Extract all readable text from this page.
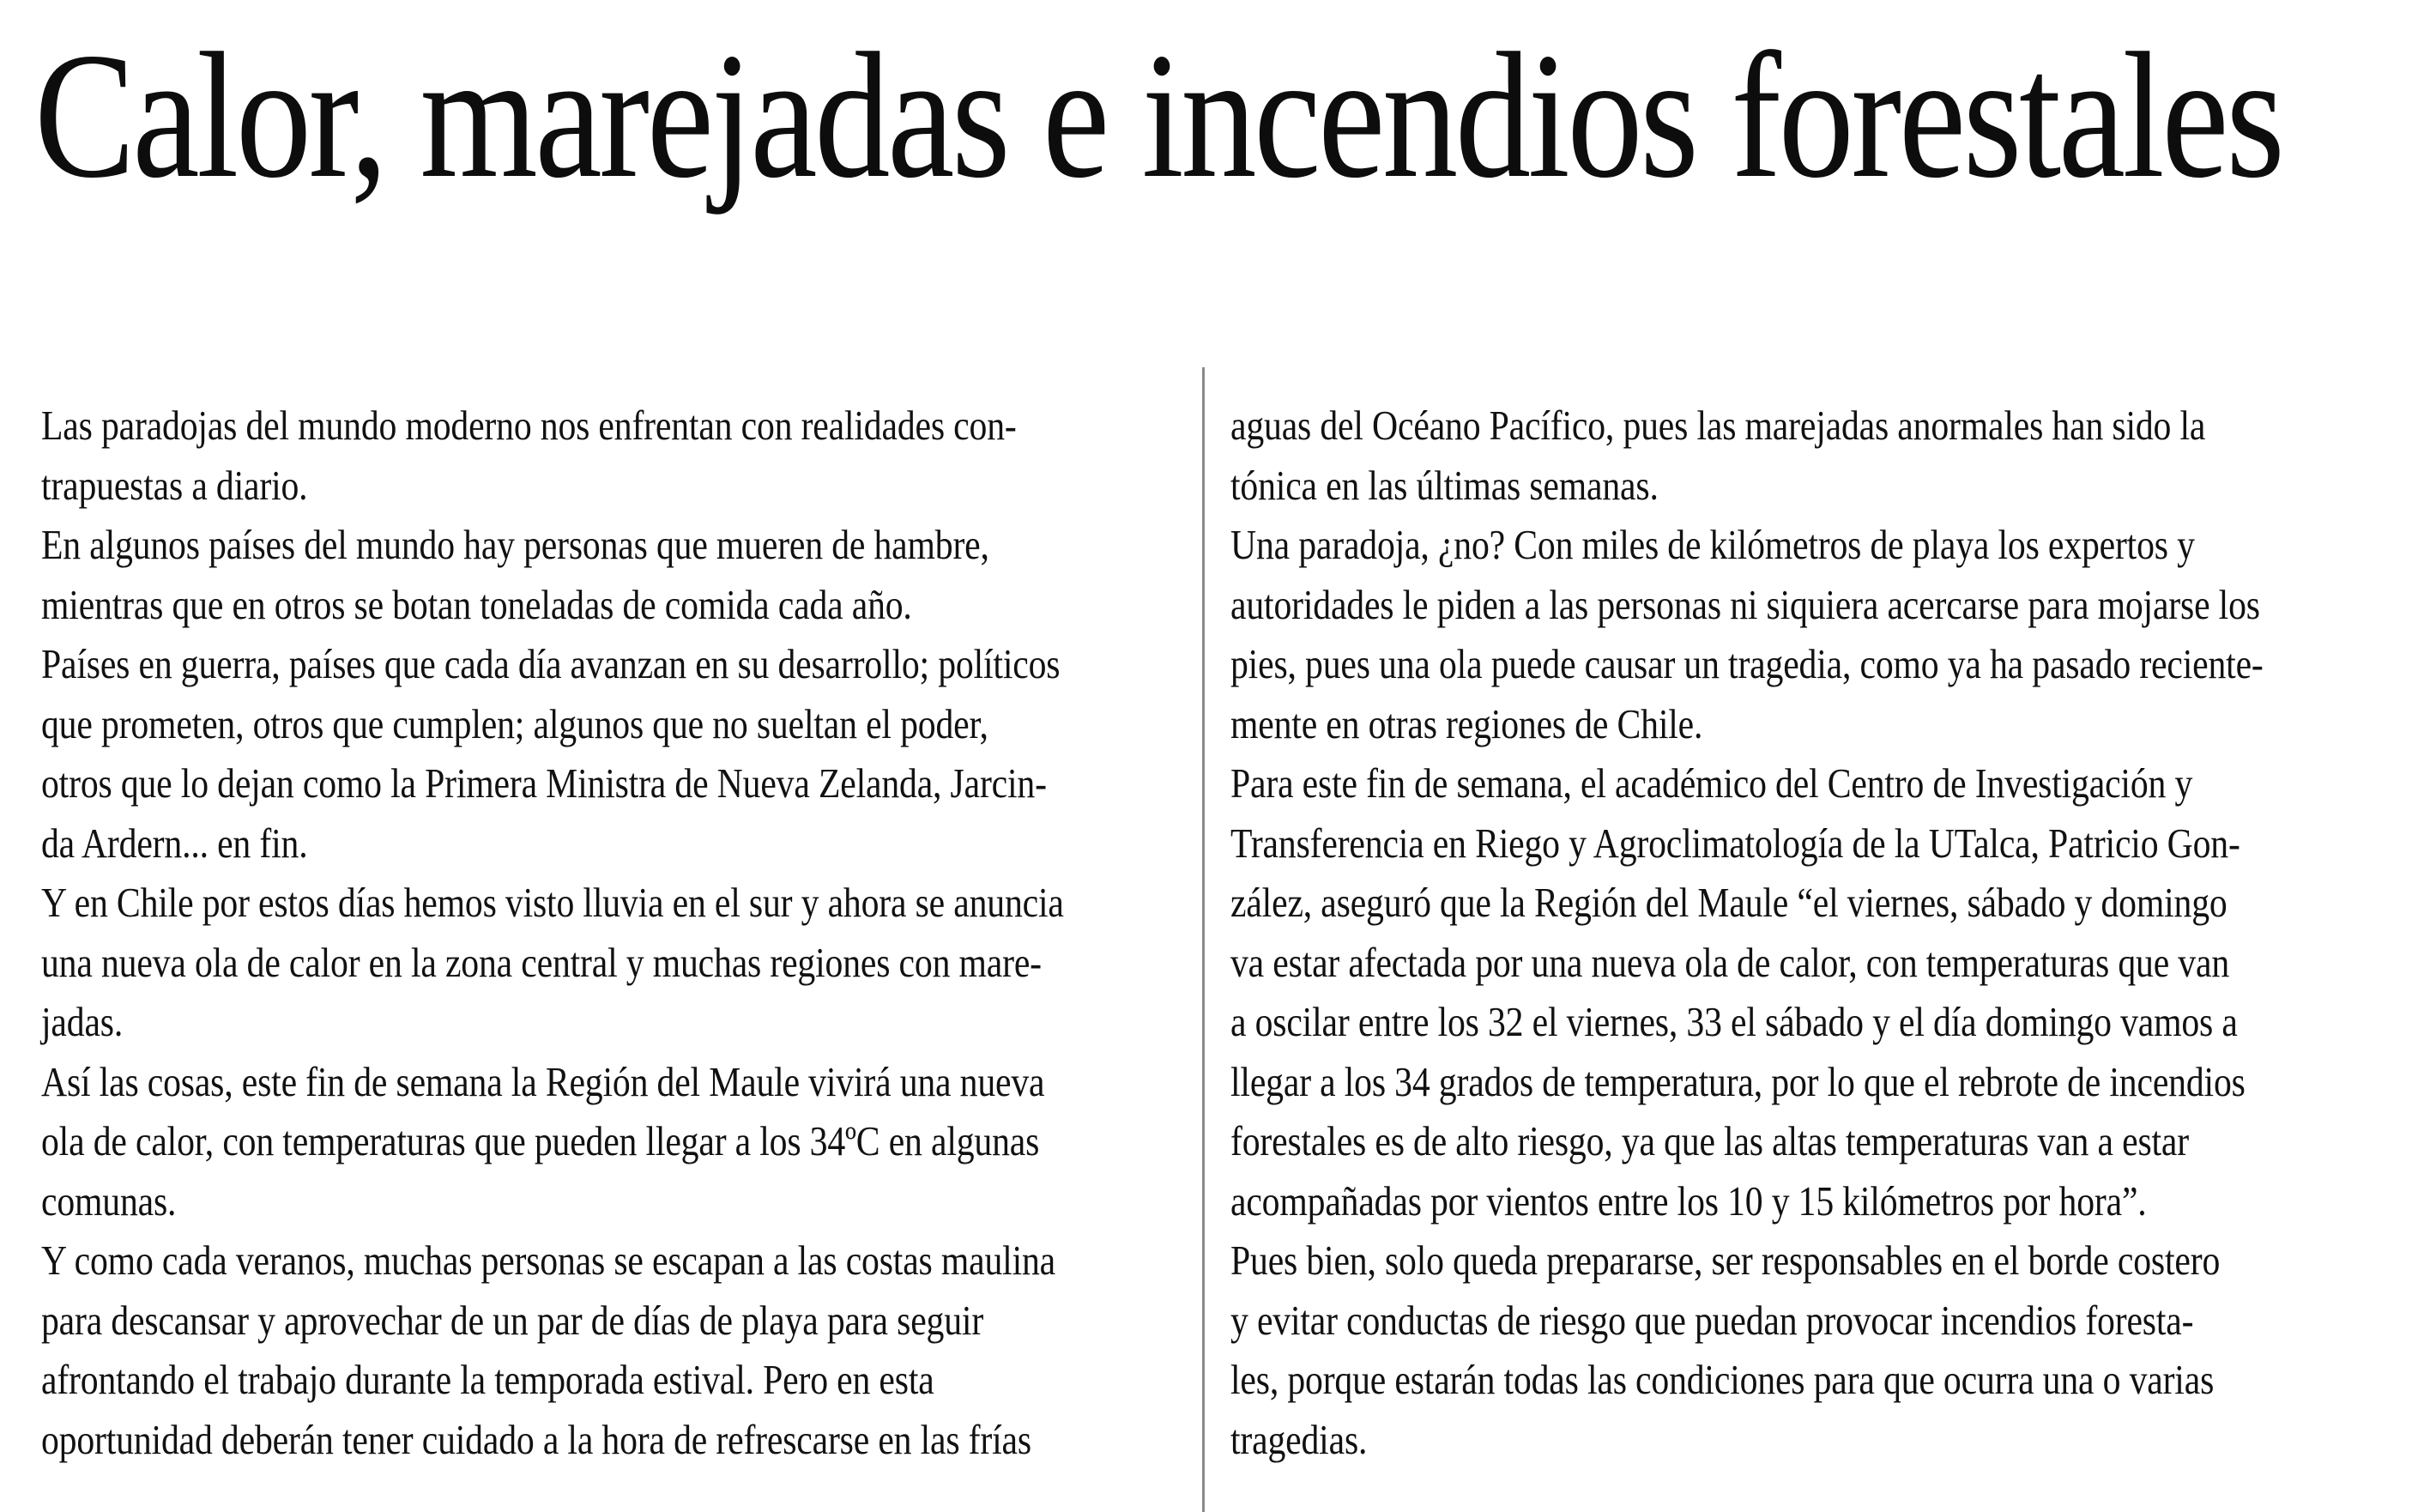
Calor, marejadas e incendios forestales
Las paradojas del mundo moderno nos enfrentan con realidades con-
trapuestas a diario.
En algunos países del mundo hay personas que mueren de hambre,
mientras que en otros se botan toneladas de comida cada año.
Países en guerra, países que cada día avanzan en su desarrollo; políticos
que prometen, otros que cumplen; algunos que no sueltan el poder,
otros que lo dejan como la Primera Ministra de Nueva Zelanda, Jarcin-
da Ardern... en fin.
Y en Chile por estos días hemos visto lluvia en el sur y ahora se anuncia
una nueva ola de calor en la zona central y muchas regiones con mare-
jadas.
Así las cosas, este fin de semana la Región del Maule vivirá una nueva
ola de calor, con temperaturas que pueden llegar a los 34ºC en algunas
comunas.
Y como cada veranos, muchas personas se escapan a las costas maulina
para descansar y aprovechar de un par de días de playa para seguir
afrontando el trabajo durante la temporada estival. Pero en esta
oportunidad deberán tener cuidado a la hora de refrescarse en las frías
aguas del Océano Pacífico, pues las marejadas anormales han sido la
tónica en las últimas semanas.
Una paradoja, ¿no? Con miles de kilómetros de playa los expertos y
autoridades le piden a las personas ni siquiera acercarse para mojarse los
pies, pues una ola puede causar un tragedia, como ya ha pasado reciente-
mente en otras regiones de Chile.
Para este fin de semana, el académico del Centro de Investigación y
Transferencia en Riego y Agroclimatología de la UTalca, Patricio Gon-
zález, aseguró que la Región del Maule “el viernes, sábado y domingo
va estar afectada por una nueva ola de calor, con temperaturas que van
a oscilar entre los 32 el viernes, 33 el sábado y el día domingo vamos a
llegar a los 34 grados de temperatura, por lo que el rebrote de incendios
forestales es de alto riesgo, ya que las altas temperaturas van a estar
acompañadas por vientos entre los 10 y 15 kilómetros por hora”.
Pues bien, solo queda prepararse, ser responsables en el borde costero
y evitar conductas de riesgo que puedan provocar incendios foresta-
les, porque estarán todas las condiciones para que ocurra una o varias
tragedias.
